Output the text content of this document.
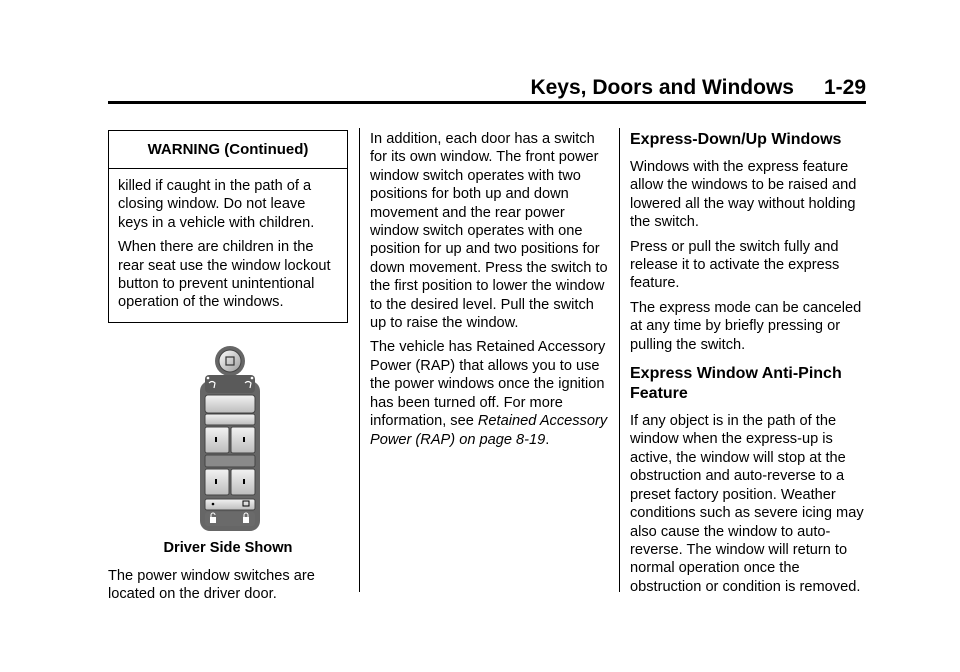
Keys, Doors and Windows 1-29
WARNING (Continued)

killed if caught in the path of a closing window. Do not leave keys in a vehicle with children.

When there are children in the rear seat use the window lockout button to prevent unintentional operation of the windows.

Driver Side Shown

The power window switches are located on the driver door.

In addition, each door has a switch for its own window. The front power window switch operates with two positions for both up and down movement and the rear power window switch operates with one position for up and two positions for down movement. Press the switch to the first position to lower the window to the desired level. Pull the switch up to raise the window.

The vehicle has Retained Accessory Power (RAP) that allows you to use the power windows once the ignition has been turned off. For more information, see Retained Accessory Power (RAP) on page 8-19.

Express-Down/Up Windows

Windows with the express feature allow the windows to be raised and lowered all the way without holding the switch.

Press or pull the switch fully and release it to activate the express feature.

The express mode can be canceled at any time by briefly pressing or pulling the switch.

Express Window Anti-Pinch Feature

If any object is in the path of the window when the express-up is active, the window will stop at the obstruction and auto-reverse to a preset factory position. Weather conditions such as severe icing may also cause the window to auto-reverse. The window will return to normal operation once the obstruction or condition is removed.
